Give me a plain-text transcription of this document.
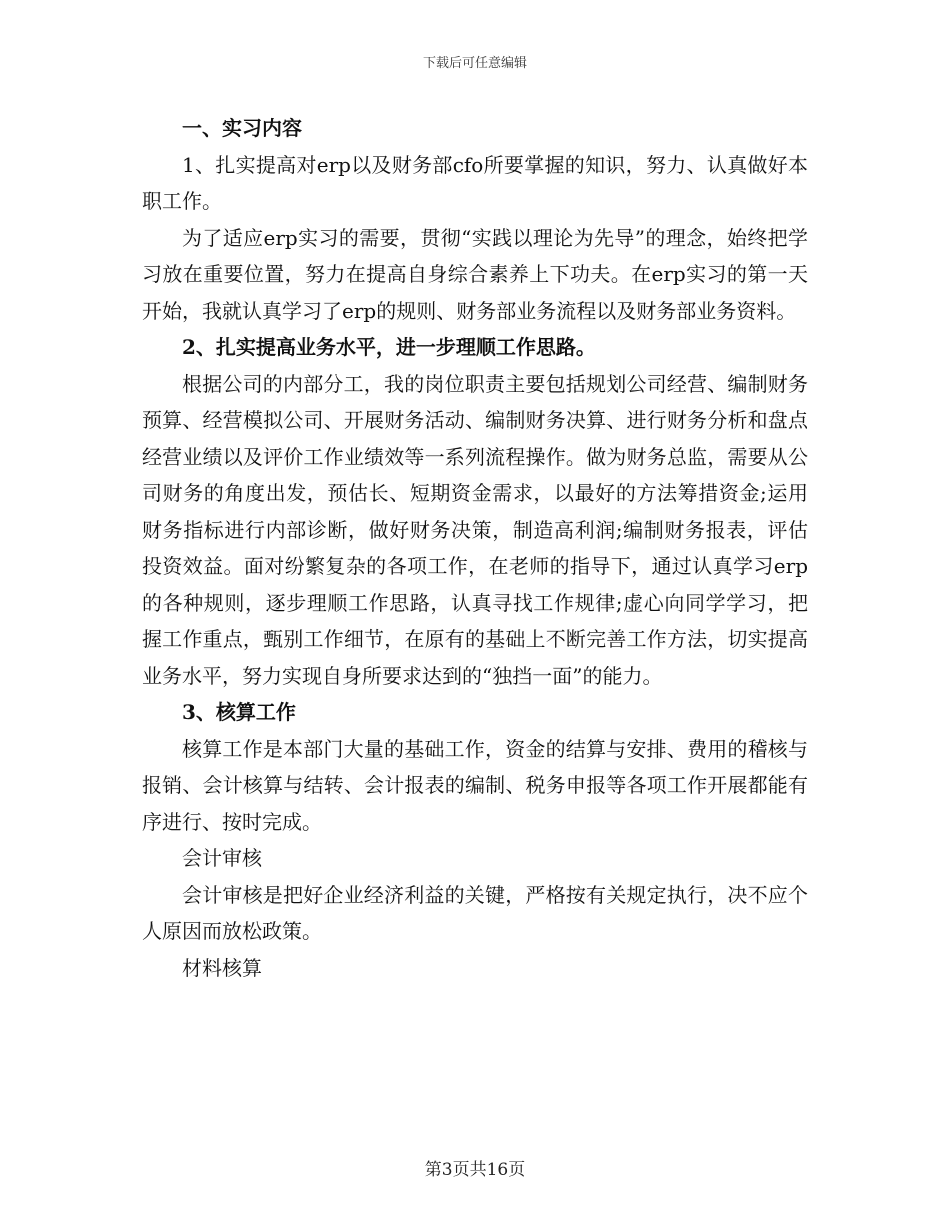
下载后可任意编辑

一、实习内容

1、扎实提高对erp以及财务部cfo所要掌握的知识，努力、认真做好本职工作。

为了适应erp实习的需要，贯彻“实践以理论为先导”的理念，始终把学习放在重要位置，努力在提高自身综合素养上下功夫。在erp实习的第一天开始，我就认真学习了erp的规则、财务部业务流程以及财务部业务资料。

2、扎实提高业务水平，进一步理顺工作思路。

根据公司的内部分工，我的岗位职责主要包括规划公司经营、编制财务预算、经营模拟公司、开展财务活动、编制财务决算、进行财务分析和盘点经营业绩以及评价工作业绩效等一系列流程操作。做为财务总监，需要从公司财务的角度出发，预估长、短期资金需求，以最好的方法筹措资金;运用财务指标进行内部诊断，做好财务决策，制造高利润;编制财务报表，评估投资效益。面对纷繁复杂的各项工作，在老师的指导下，通过认真学习erp的各种规则，逐步理顺工作思路，认真寻找工作规律;虚心向同学学习，把握工作重点，甄别工作细节，在原有的基础上不断完善工作方法，切实提高业务水平，努力实现自身所要求达到的“独挡一面”的能力。

3、核算工作

核算工作是本部门大量的基础工作，资金的结算与安排、费用的稽核与报销、会计核算与结转、会计报表的编制、税务申报等各项工作开展都能有序进行、按时完成。

会计审核

会计审核是把好企业经济利益的关键，严格按有关规定执行，决不应个人原因而放松政策。

材料核算

第3页共16页
